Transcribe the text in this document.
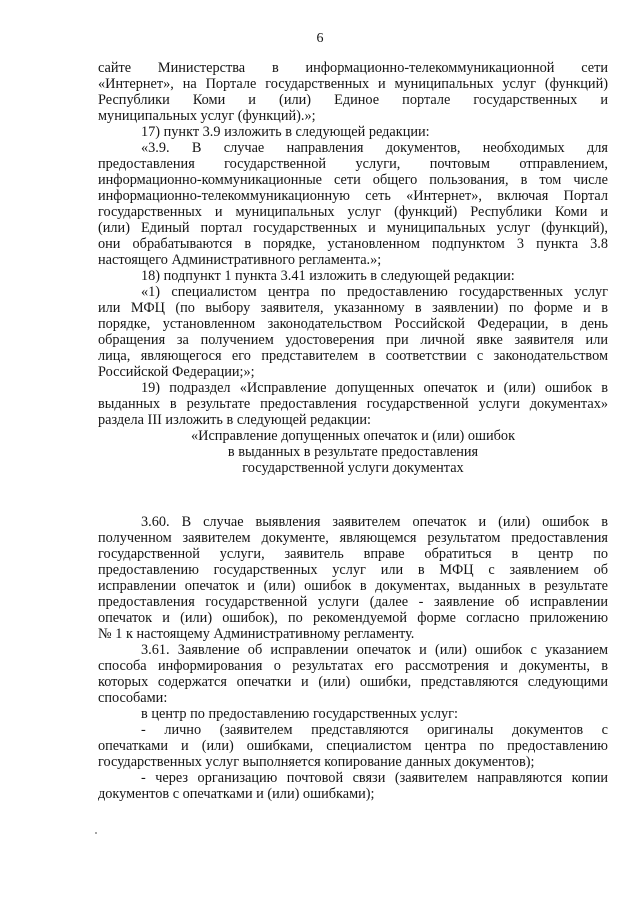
6
сайте Министерства в информационно-телекоммуникационной сети
«Интернет», на Портале государственных и муниципальных услуг (функций)
Республики Коми и (или) Единое портале государственных и
муниципальных услуг (функций).»;
17) пункт 3.9 изложить в следующей редакции:
«3.9. В случае направления документов, необходимых для
предоставления государственной услуги, почтовым отправлением,
информационно-коммуникационные сети общего пользования, в том числе
информационно-телекоммуникационную сеть «Интернет», включая Портал
государственных и муниципальных услуг (функций) Республики Коми и
(или) Единый портал государственных и муниципальных услуг (функций),
они обрабатываются в порядке, установленном подпунктом 3 пункта 3.8
настоящего Административного регламента.»;
18) подпункт 1 пункта 3.41 изложить в следующей редакции:
«1) специалистом центра по предоставлению государственных услуг
или МФЦ (по выбору заявителя, указанному в заявлении) по форме и в
порядке, установленном законодательством Российской Федерации, в день
обращения за получением удостоверения при личной явке заявителя или
лица, являющегося его представителем в соответствии с законодательством
Российской Федерации;»;
19) подраздел «Исправление допущенных опечаток и (или) ошибок в
выданных в результате предоставления государственной услуги документах»
раздела III изложить в следующей редакции:
«Исправление допущенных опечаток и (или) ошибок
в выданных в результате предоставления
государственной услуги документах
3.60. В случае выявления заявителем опечаток и (или) ошибок в
полученном заявителем документе, являющемся результатом предоставления
государственной услуги, заявитель вправе обратиться в центр по
предоставлению государственных услуг или в МФЦ с заявлением об
исправлении опечаток и (или) ошибок в документах, выданных в результате
предоставления государственной услуги (далее - заявление об исправлении
опечаток и (или) ошибок), по рекомендуемой форме согласно приложению
№ 1 к настоящему Административному регламенту.
3.61. Заявление об исправлении опечаток и (или) ошибок с указанием
способа информирования о результатах его рассмотрения и документы, в
которых содержатся опечатки и (или) ошибки, представляются следующими
способами:
в центр по предоставлению государственных услуг:
- лично (заявителем представляются оригиналы документов с
опечатками и (или) ошибками, специалистом центра по предоставлению
государственных услуг выполняется копирование данных документов);
- через организацию почтовой связи (заявителем направляются копии
документов с опечатками и (или) ошибками);
